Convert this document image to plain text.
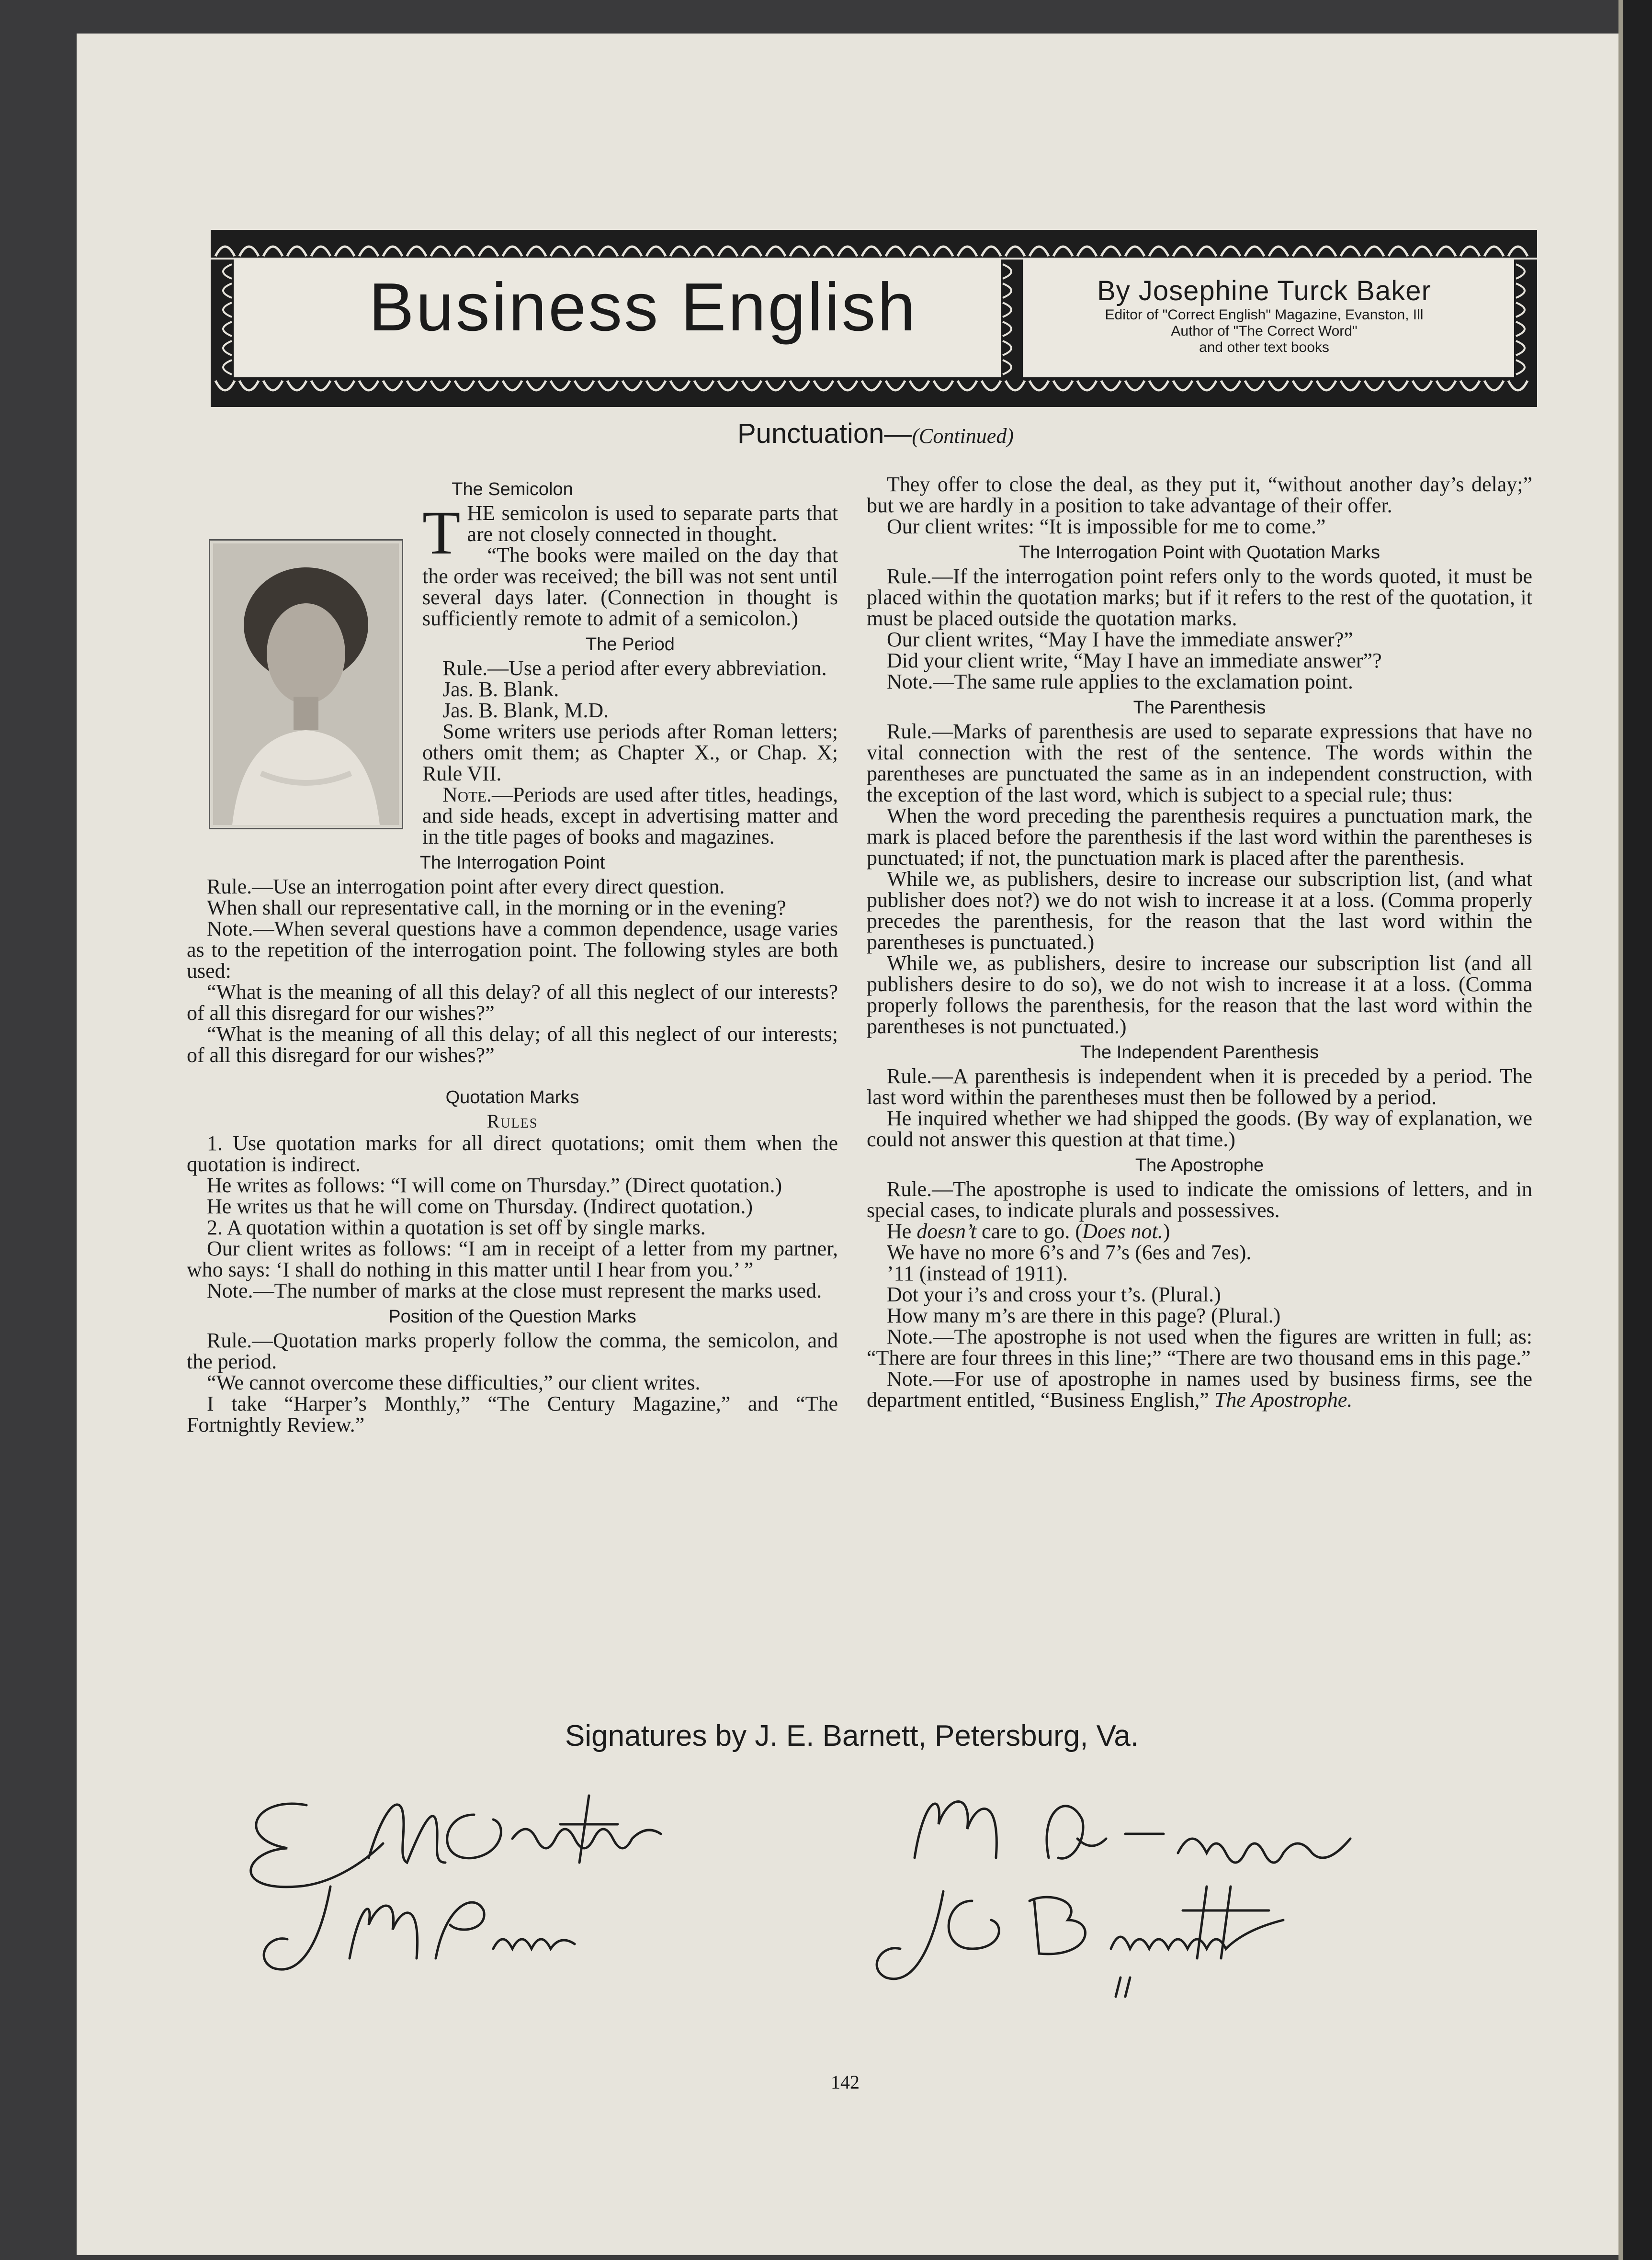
Business English	By Josephine Turck Baker
Editor of "Correct English" Magazine, Evanston, Ill
Author of "The Correct Word"
and other text books
Punctuation—(Continued)
The Semicolon

THE semicolon is used to separate parts that are not closely connected in thought.

“The books were mailed on the day that the order was received; the bill was not sent until several days later. (Connection in thought is sufficiently remote to admit of a semicolon.)

The Period

Rule.—Use a period after every abbreviation.

Jas. B. Blank.

Jas. B. Blank, M.D.

Some writers use periods after Roman letters; others omit them; as Chapter X., or Chap. X; Rule VII.

Note.—Periods are used after titles, headings, and side heads, except in advertising matter and in the title pages of books and magazines.

The Interrogation Point

Rule.—Use an interrogation point after every direct question.

When shall our representative call, in the morning or in the evening?

Note.—When several questions have a common dependence, usage varies as to the repetition of the interrogation point. The following styles are both used:

“What is the meaning of all this delay? of all this neglect of our interests? of all this disregard for our wishes?”

“What is the meaning of all this delay; of all this neglect of our interests; of all this disregard for our wishes?”

Quotation Marks
Rules

1. Use quotation marks for all direct quotations; omit them when the quotation is indirect.

He writes as follows: “I will come on Thursday.” (Direct quotation.)

He writes us that he will come on Thursday. (Indirect quotation.)

2. A quotation within a quotation is set off by single marks.

Our client writes as follows: “I am in receipt of a letter from my partner, who says: ‘I shall do nothing in this matter until I hear from you.’ ”

Note.—The number of marks at the close must represent the marks used.

Position of the Question Marks

Rule.—Quotation marks properly follow the comma, the semicolon, and the period.

“We cannot overcome these difficulties,” our client writes.

I take “Harper’s Monthly,” “The Century Magazine,” and “The Fortnightly Review.”

They offer to close the deal, as they put it, “without another day’s delay;” but we are hardly in a position to take advantage of their offer.

Our client writes: “It is impossible for me to come.”

The Interrogation Point with Quotation Marks

Rule.—If the interrogation point refers only to the words quoted, it must be placed within the quotation marks; but if it refers to the rest of the quotation, it must be placed outside the quotation marks.

Our client writes, “May I have the immediate answer?”

Did your client write, “May I have an immediate answer”?

Note.—The same rule applies to the exclamation point.

The Parenthesis

Rule.—Marks of parenthesis are used to separate expressions that have no vital connection with the rest of the sentence. The words within the parentheses are punctuated the same as in an independent construction, with the exception of the last word, which is subject to a special rule; thus:

When the word preceding the parenthesis requires a punctuation mark, the mark is placed before the parenthesis if the last word within the parentheses is punctuated; if not, the punctuation mark is placed after the parenthesis.

While we, as publishers, desire to increase our subscription list, (and what publisher does not?) we do not wish to increase it at a loss. (Comma properly precedes the parenthesis, for the reason that the last word within the parentheses is punctuated.)

While we, as publishers, desire to increase our subscription list (and all publishers desire to do so), we do not wish to increase it at a loss. (Comma properly follows the parenthesis, for the reason that the last word within the parentheses is not punctuated.)

The Independent Parenthesis

Rule.—A parenthesis is independent when it is preceded by a period. The last word within the parentheses must then be followed by a period.

He inquired whether we had shipped the goods. (By way of explanation, we could not answer this question at that time.)

The Apostrophe

Rule.—The apostrophe is used to indicate the omissions of letters, and in special cases, to indicate plurals and possessives.

He doesn’t care to go. (Does not.)

We have no more 6’s and 7’s (6es and 7es).

’11 (instead of 1911).

Dot your i’s and cross your t’s. (Plural.)

How many m’s are there in this page? (Plural.)

Note.—The apostrophe is not used when the figures are written in full; as: “There are four threes in this line;” “There are two thousand ems in this page.”

Note.—For use of apostrophe in names used by business firms, see the department entitled, “Business English,” The Apostrophe.

Signatures by J. E. Barnett, Petersburg, Va.
142
